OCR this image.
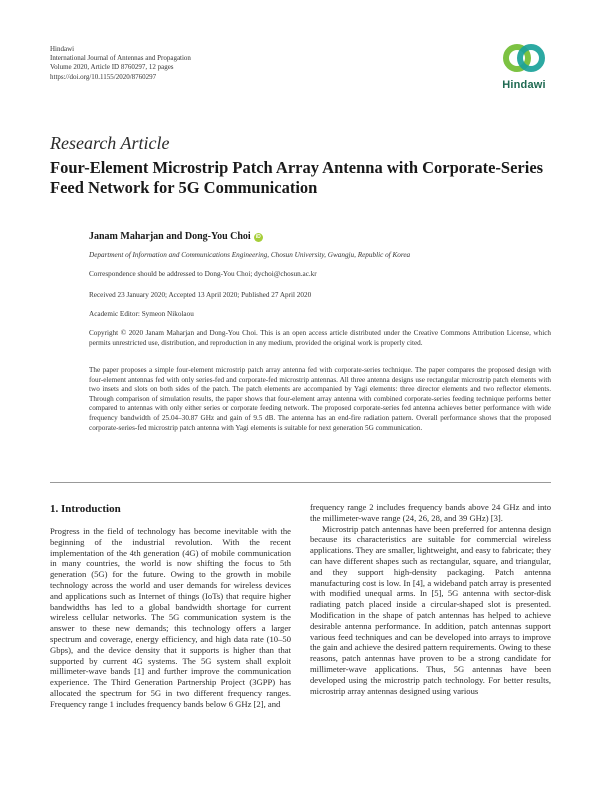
Hindawi
International Journal of Antennas and Propagation
Volume 2020, Article ID 8760297, 12 pages
https://doi.org/10.1155/2020/8760297
Hindawi
Research Article
Four-Element Microstrip Patch Array Antenna with Corporate-Series Feed Network for 5G Communication
Janam Maharjan and Dong-You Choi iD
Department of Information and Communications Engineering, Chosun University, Gwangju, Republic of Korea
Correspondence should be addressed to Dong-You Choi; dychoi@chosun.ac.kr
Received 23 January 2020; Accepted 13 April 2020; Published 27 April 2020
Academic Editor: Symeon Nikolaou
Copyright © 2020 Janam Maharjan and Dong-You Choi. This is an open access article distributed under the Creative Commons Attribution License, which permits unrestricted use, distribution, and reproduction in any medium, provided the original work is properly cited.
The paper proposes a simple four-element microstrip patch array antenna fed with corporate-series technique. The paper compares the proposed design with four-element antennas fed with only series-fed and corporate-fed microstrip antennas. All three antenna designs use rectangular microstrip patch elements with two insets and slots on both sides of the patch. The patch elements are accompanied by Yagi elements: three director elements and two reflector elements. Through comparison of simulation results, the paper shows that four-element array antenna with combined corporate-series feeding technique performs better compared to antennas with only either series or corporate feeding network. The proposed corporate-series fed antenna achieves better performance with wide frequency bandwidth of 25.04–30.87 GHz and gain of 9.5 dB. The antenna has an end-fire radiation pattern. Overall performance shows that the proposed corporate-series-fed microstrip patch antenna with Yagi elements is suitable for next generation 5G communication.
1. Introduction

Progress in the field of technology has become inevitable with the beginning of the industrial revolution. With the recent implementation of the 4th generation (4G) of mobile communication in many countries, the world is now shifting the focus to 5th generation (5G) for the future. Owing to the growth in mobile technology across the world and user demands for wireless devices and applications such as Internet of things (IoTs) that require higher bandwidths has led to a global bandwidth shortage for current wireless cellular networks. The 5G communication system is the answer to these new demands; this technology offers a larger spectrum and coverage, energy efficiency, and high data rate (10–50 Gbps), and the device density that it supports is higher than that supported by current 4G systems. The 5G system shall exploit millimeter-wave bands [1] and further improve the communication experience. The Third Generation Partnership Project (3GPP) has allocated the spectrum for 5G in two different frequency ranges. Frequency range 1 includes frequency bands below 6 GHz [2], and

frequency range 2 includes frequency bands above 24 GHz and into the millimeter-wave range (24, 26, 28, and 39 GHz) [3].

Microstrip patch antennas have been preferred for antenna design because its characteristics are suitable for commercial wireless applications. They are smaller, lightweight, and easy to fabricate; they can have different shapes such as rectangular, square, and triangular, and they support high-density packaging. Patch antenna manufacturing cost is low. In [4], a wideband patch array is presented with modified unequal arms. In [5], 5G antenna with sector-disk radiating patch placed inside a circular-shaped slot is presented. Modification in the shape of patch antennas has helped to achieve desirable antenna performance. In addition, patch antennas support various feed techniques and can be developed into arrays to improve the gain and achieve the desired pattern requirements. Owing to these reasons, patch antennas have proven to be a strong candidate for millimeter-wave applications. Thus, 5G antennas have been developed using the microstrip patch technology. For better results, microstrip array antennas designed using various
